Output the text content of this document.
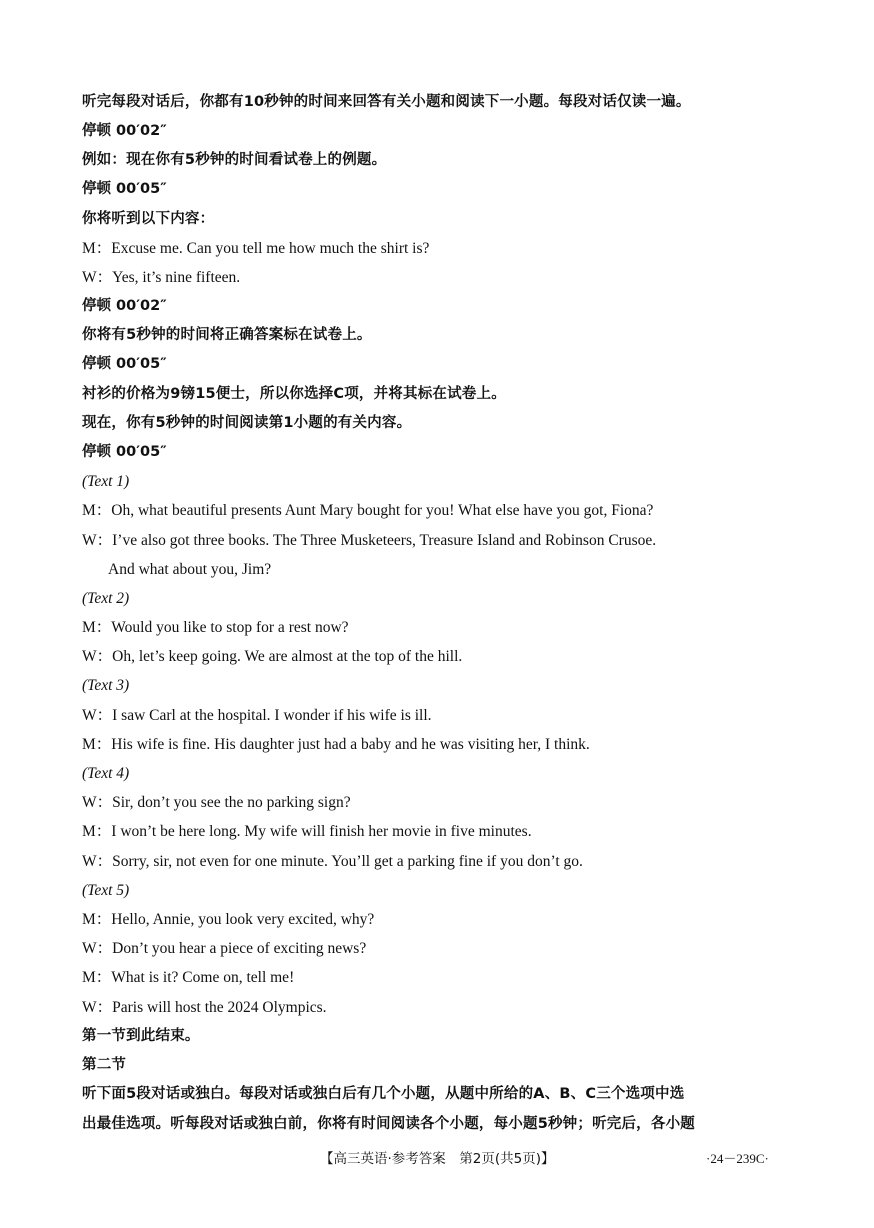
听完每段对话后，你都有10秒钟的时间来回答有关小题和阅读下一小题。每段对话仅读一遍。
停顿 00′02″
例如：现在你有5秒钟的时间看试卷上的例题。
停顿 00′05″
你将听到以下内容：
M：Excuse me. Can you tell me how much the shirt is?
W：Yes, it’s nine fifteen.
停顿 00′02″
你将有5秒钟的时间将正确答案标在试卷上。
停顿 00′05″
衬衫的价格为9镑15便士，所以你选择C项，并将其标在试卷上。
现在，你有5秒钟的时间阅读第1小题的有关内容。
停顿 00′05″
(Text 1)
M：Oh, what beautiful presents Aunt Mary bought for you! What else have you got, Fiona?
W：I’ve also got three books. The Three Musketeers, Treasure Island and Robinson Crusoe.
And what about you, Jim?
(Text 2)
M：Would you like to stop for a rest now?
W：Oh, let’s keep going. We are almost at the top of the hill.
(Text 3)
W：I saw Carl at the hospital. I wonder if his wife is ill.
M：His wife is fine. His daughter just had a baby and he was visiting her, I think.
(Text 4)
W：Sir, don’t you see the no parking sign?
M：I won’t be here long. My wife will finish her movie in five minutes.
W：Sorry, sir, not even for one minute. You’ll get a parking fine if you don’t go.
(Text 5)
M：Hello, Annie, you look very excited, why?
W：Don’t you hear a piece of exciting news?
M：What is it? Come on, tell me!
W：Paris will host the 2024 Olympics.
第一节到此结束。
第二节
听下面5段对话或独白。每段对话或独白后有几个小题，从题中所给的A、B、C三个选项中选
出最佳选项。听每段对话或独白前，你将有时间阅读各个小题，每小题5秒钟；听完后，各小题
【高三英语·参考答案　第2页(共5页)】	·24－239C·
